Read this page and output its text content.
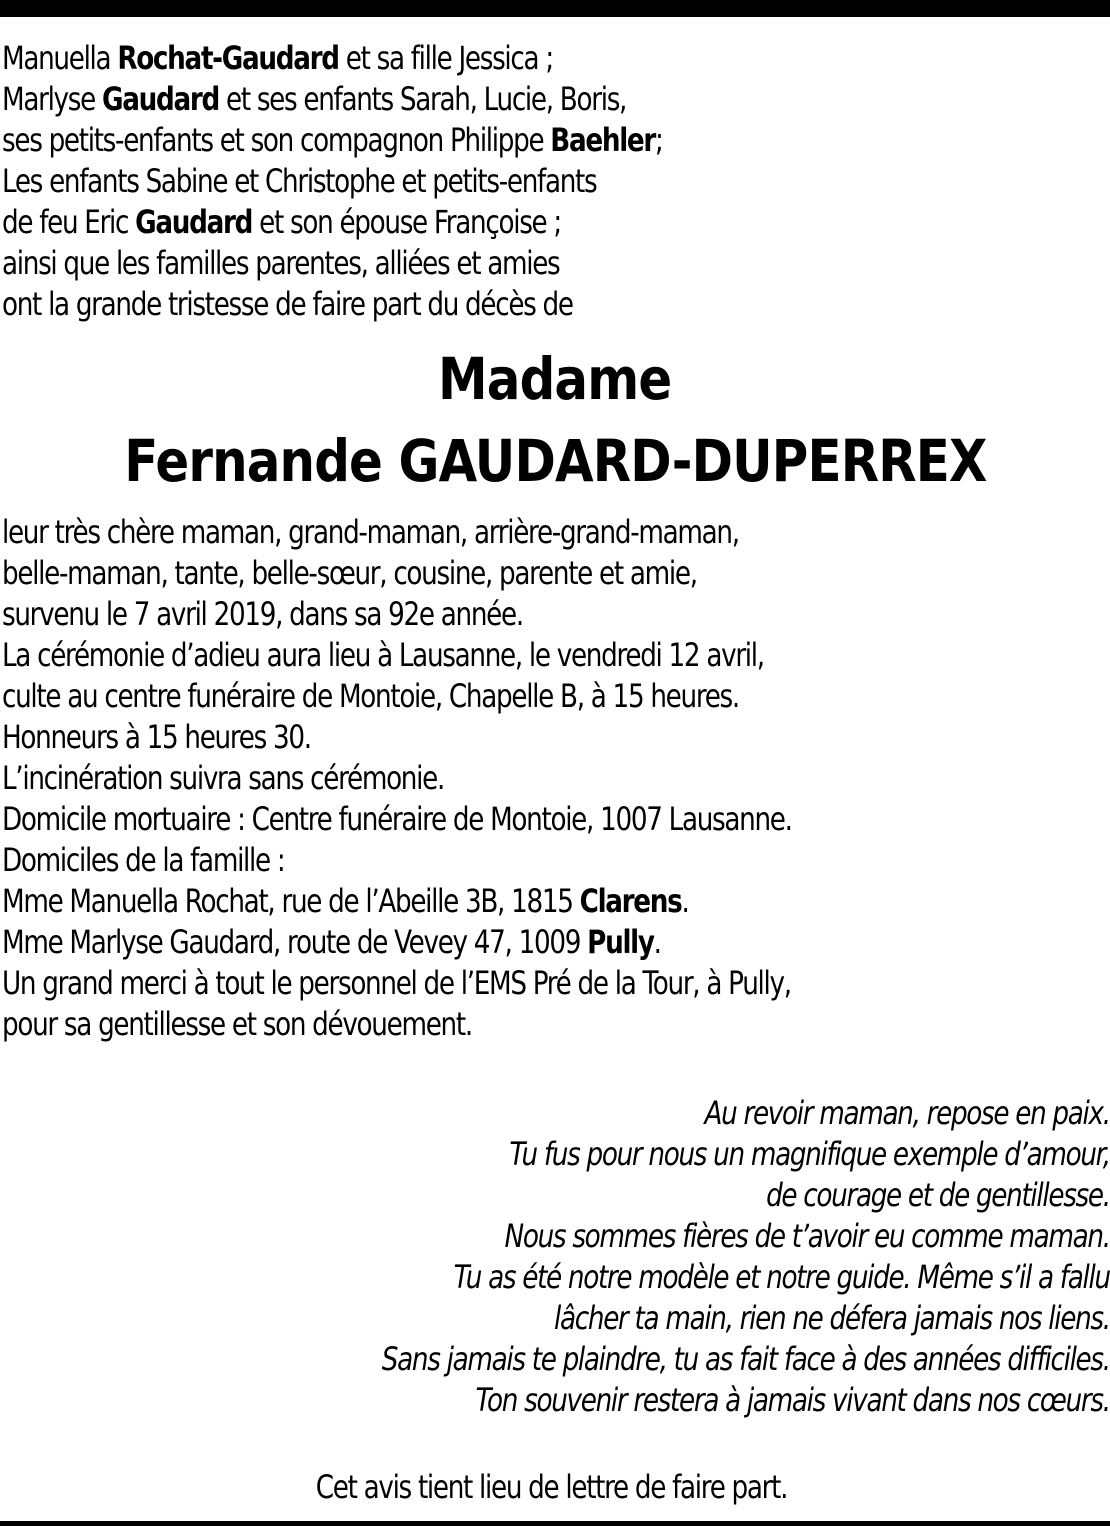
Manuella Rochat-Gaudard et sa fille Jessica ;
Marlyse Gaudard et ses enfants Sarah, Lucie, Boris,
ses petits-enfants et son compagnon Philippe Baehler;
Les enfants Sabine et Christophe et petits-enfants
de feu Eric Gaudard et son épouse Françoise ;
ainsi que les familles parentes, alliées et amies
ont la grande tristesse de faire part du décès de
Madame
Fernande GAUDARD-DUPERREX
leur très chère maman, grand-maman, arrière-grand-maman,
belle-maman, tante, belle-sœur, cousine, parente et amie,
survenu le 7 avril 2019, dans sa 92e année.
La cérémonie d’adieu aura lieu à Lausanne, le vendredi 12 avril,
culte au centre funéraire de Montoie, Chapelle B, à 15 heures.
Honneurs à 15 heures 30.
L’incinération suivra sans cérémonie.
Domicile mortuaire : Centre funéraire de Montoie, 1007 Lausanne.
Domiciles de la famille :
Mme Manuella Rochat, rue de l’Abeille 3B, 1815 Clarens.
Mme Marlyse Gaudard, route de Vevey 47, 1009 Pully.
Un grand merci à tout le personnel de l’EMS Pré de la Tour, à Pully,
pour sa gentillesse et son dévouement.
Au revoir maman, repose en paix.
Tu fus pour nous un magnifique exemple d’amour,
de courage et de gentillesse.
Nous sommes fières de t’avoir eu comme maman.
Tu as été notre modèle et notre guide. Même s’il a fallu
lâcher ta main, rien ne défera jamais nos liens.
Sans jamais te plaindre, tu as fait face à des années difficiles.
Ton souvenir restera à jamais vivant dans nos cœurs.
Cet avis tient lieu de lettre de faire part.
